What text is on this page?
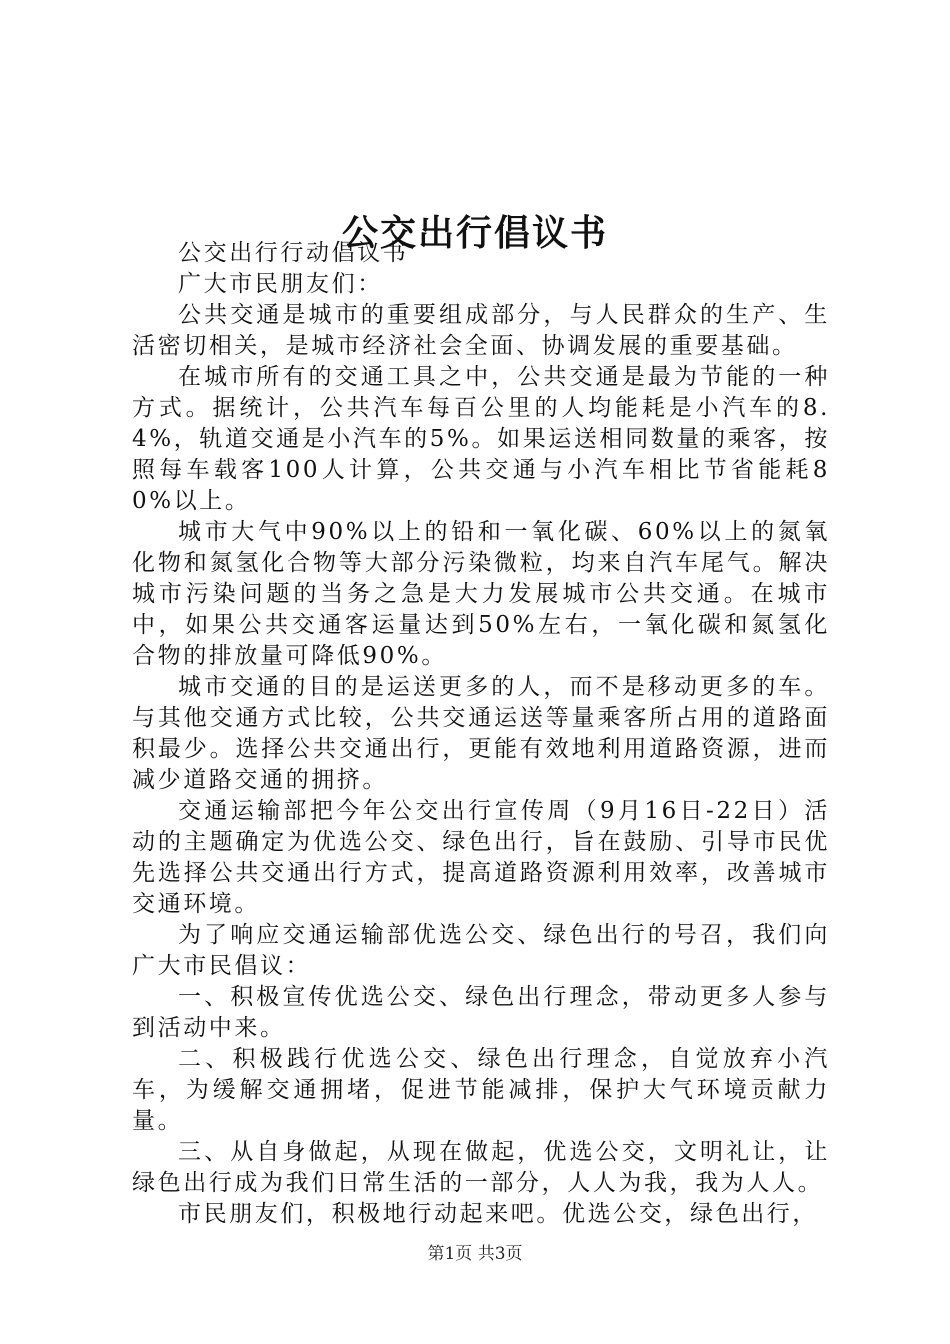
公交出行倡议书

公交出行行动倡议书

广大市民朋友们：

公共交通是城市的重要组成部分，与人民群众的生产、生活密切相关，是城市经济社会全面、协调发展的重要基础。

在城市所有的交通工具之中，公共交通是最为节能的一种方式。据统计，公共汽车每百公里的人均能耗是小汽车的8.4%，轨道交通是小汽车的5%。如果运送相同数量的乘客，按照每车载客100人计算，公共交通与小汽车相比节省能耗80%以上。

城市大气中90%以上的铅和一氧化碳、60%以上的氮氧化物和氮氢化合物等大部分污染微粒，均来自汽车尾气。解决城市污染问题的当务之急是大力发展城市公共交通。在城市中，如果公共交通客运量达到50%左右，一氧化碳和氮氢化合物的排放量可降低90%。

城市交通的目的是运送更多的人，而不是移动更多的车。与其他交通方式比较，公共交通运送等量乘客所占用的道路面积最少。选择公共交通出行，更能有效地利用道路资源，进而减少道路交通的拥挤。

交通运输部把今年公交出行宣传周（9月16日-22日）活动的主题确定为优选公交、绿色出行，旨在鼓励、引导市民优先选择公共交通出行方式，提高道路资源利用效率，改善城市交通环境。

为了响应交通运输部优选公交、绿色出行的号召，我们向广大市民倡议：

一、积极宣传优选公交、绿色出行理念，带动更多人参与到活动中来。

二、积极践行优选公交、绿色出行理念，自觉放弃小汽车，为缓解交通拥堵，促进节能减排，保护大气环境贡献力量。

三、从自身做起，从现在做起，优选公交，文明礼让，让绿色出行成为我们日常生活的一部分，人人为我，我为人人。

市民朋友们，积极地行动起来吧。优选公交，绿色出行，

第1页 共3页
